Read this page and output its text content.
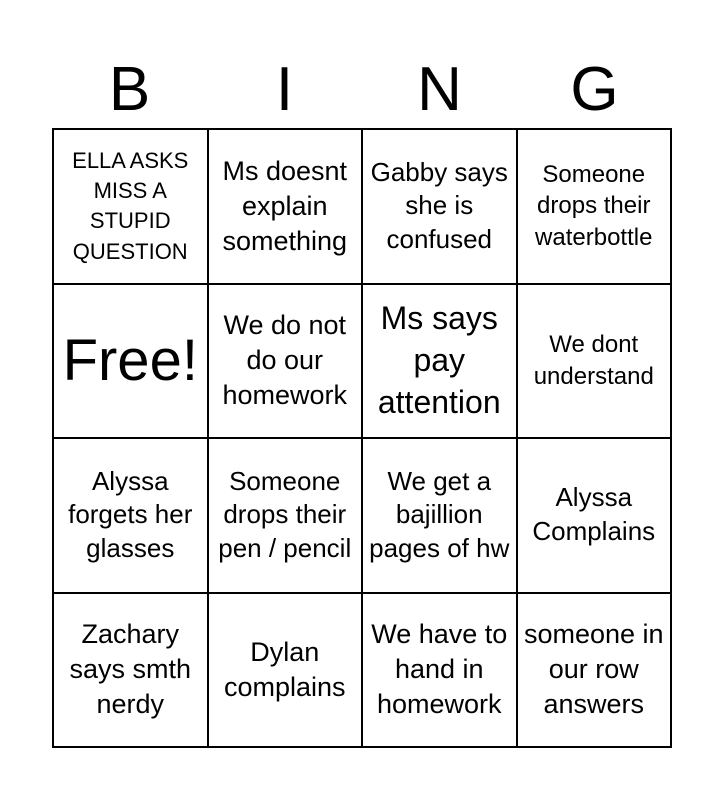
B	I	N	G
ELLA ASKS MISS A STUPID QUESTION
Ms doesnt explain something
Gabby says she is confused
Someone drops their waterbottle
Free!
We do not do our homework
Ms says pay attention
We dont understand
Alyssa forgets her glasses
Someone drops their pen / pencil
We get a bajillion pages of hw
Alyssa Complains
Zachary says smth nerdy
Dylan complains
We have to hand in homework
someone in our row answers
